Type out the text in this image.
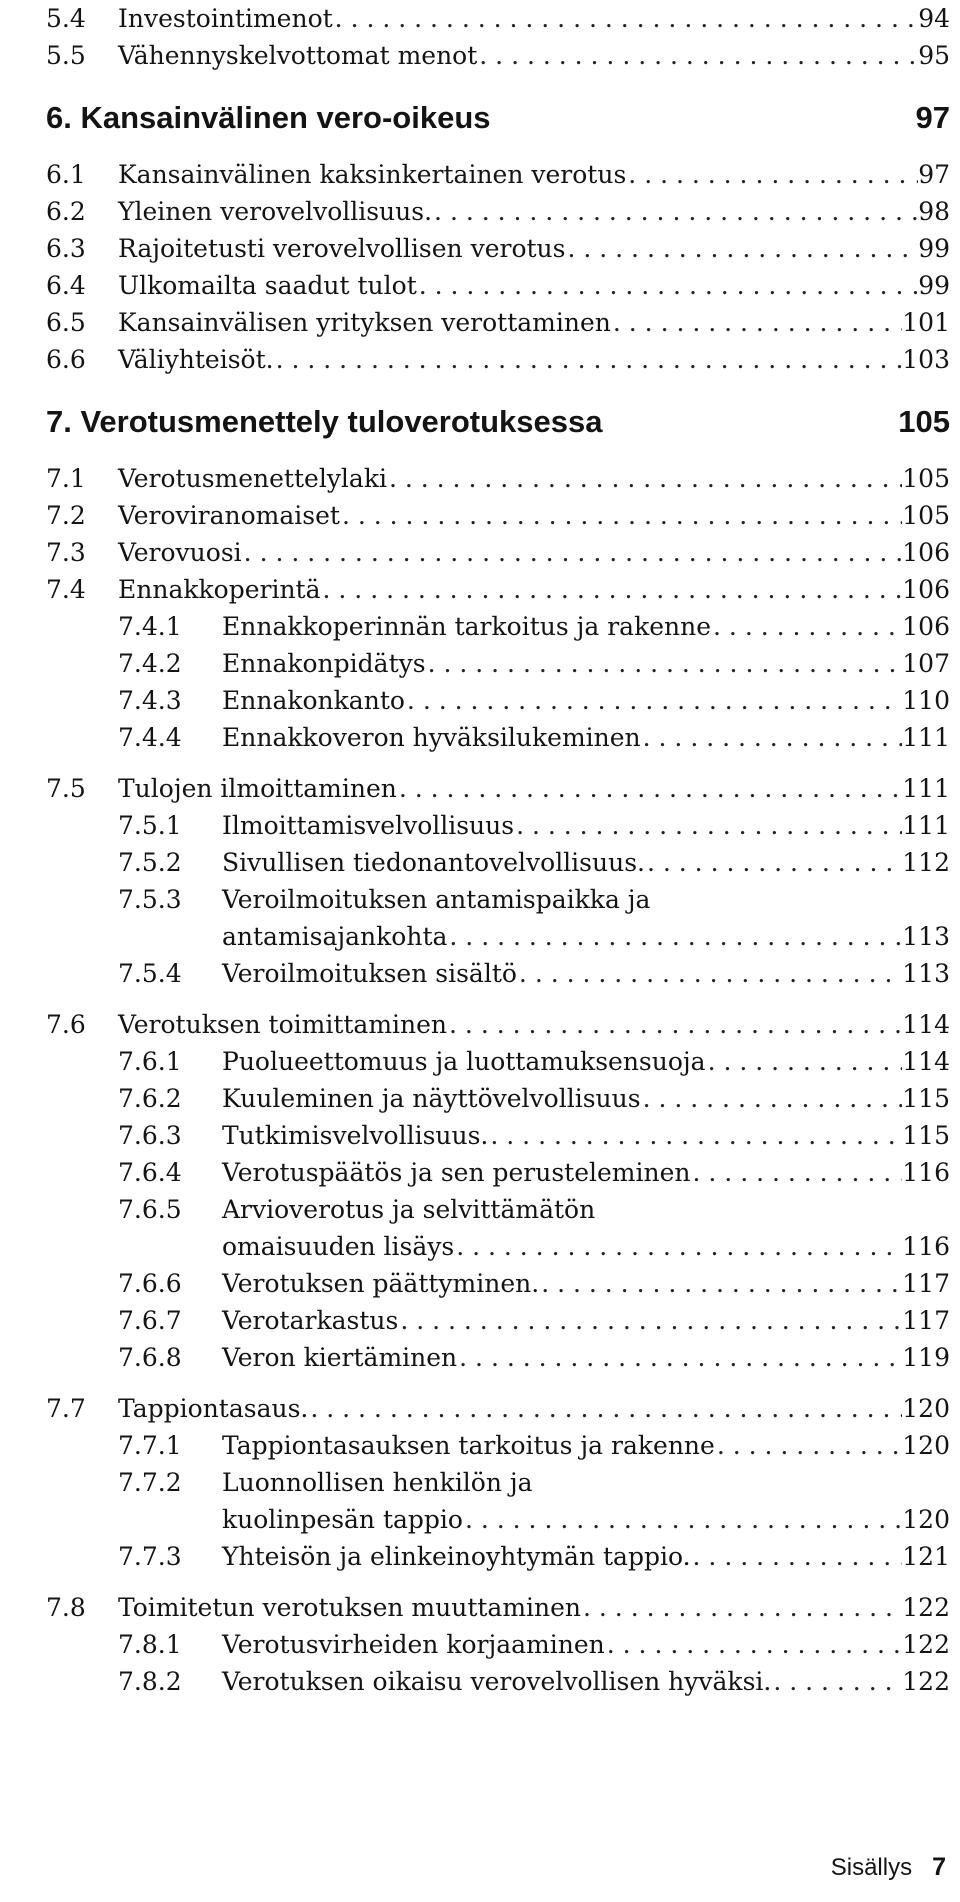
5.4	Investointimenot . . .	94
5.5	Vähennyskelvottomat menot . . .	95
6. Kansainvälinen vero-oikeus	97
6.1	Kansainvälinen kaksinkertainen verotus . . .	97
6.2	Yleinen verovelvollisuus. . . .	98
6.3	Rajoitetusti verovelvollisen verotus . . .	99
6.4	Ulkomailta saadut tulot . . .	99
6.5	Kansainvälisen yrityksen verottaminen . . .	101
6.6	Väliyhteisöt. . . .	103
7. Verotusmenettely tuloverotuksessa	105
7.1	Verotusmenettelylaki . . .	105
7.2	Veroviranomaiset . . .	105
7.3	Verovuosi . . .	106
7.4	Ennakkoperintä . . .	106
7.4.1	Ennakkoperinnän tarkoitus ja rakenne . . .	106
7.4.2	Ennakonpidätys . . .	107
7.4.3	Ennakonkanto . . .	110
7.4.4	Ennakkoveron hyväksilukeminen . . .	111
7.5	Tulojen ilmoittaminen . . .	111
7.5.1	Ilmoittamisvelvollisuus . . .	111
7.5.2	Sivullisen tiedonantovelvollisuus. . . .	112
7.5.3	Veroilmoituksen antamispaikka ja
antamisajankohta . . .	113
7.5.4	Veroilmoituksen sisältö . . .	113
7.6	Verotuksen toimittaminen . . .	114
7.6.1	Puolueettomuus ja luottamuksensuoja . . .	114
7.6.2	Kuuleminen ja näyttövelvollisuus . . .	115
7.6.3	Tutkimisvelvollisuus. . . .	115
7.6.4	Verotuspäätös ja sen perusteleminen . . .	116
7.6.5	Arvioverotus ja selvittämätön
omaisuuden lisäys . . .	116
7.6.6	Verotuksen päättyminen. . . .	117
7.6.7	Verotarkastus . . .	117
7.6.8	Veron kiertäminen . . .	119
7.7	Tappiontasaus. . . .	120
7.7.1	Tappiontasauksen tarkoitus ja rakenne . . .	120
7.7.2	Luonnollisen henkilön ja
kuolinpesän tappio . . .	120
7.7.3	Yhteisön ja elinkeinoyhtymän tappio. . . .	121
7.8	Toimitetun verotuksen muuttaminen . . .	122
7.8.1	Verotusvirheiden korjaaminen . . .	122
7.8.2	Verotuksen oikaisu verovelvollisen hyväksi. . . .	122
Sisällys 7
